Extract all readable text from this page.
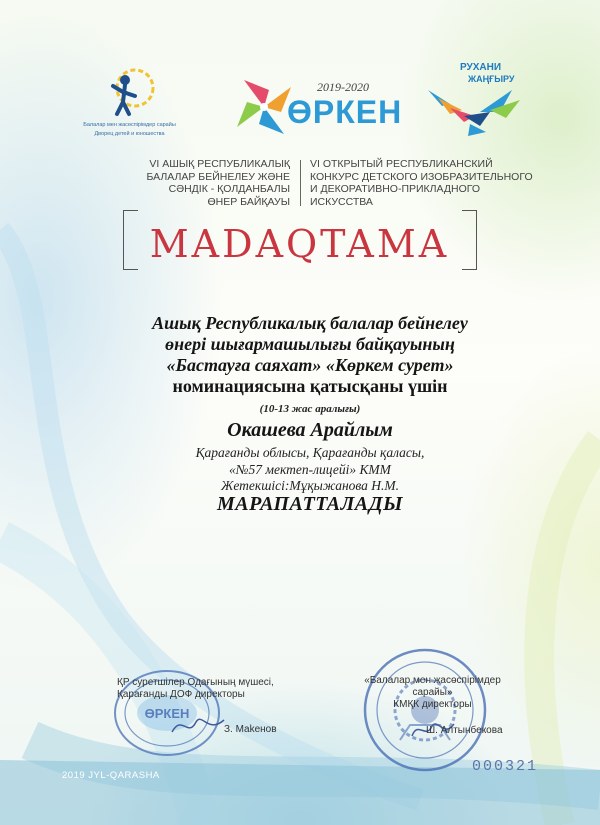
Балалар мен жасөспірімдер сарайы
Дворец детей и юношества
2019-2020
ӨРКЕН
РУХАНИ
ЖАҢҒЫРУ
VI АШЫҚ РЕСПУБЛИКАЛЫҚ
БАЛАЛАР БЕЙНЕЛЕУ ЖӘНЕ
СӘНДІК - ҚОЛДАНБАЛЫ
ӨНЕР БАЙҚАУЫ
VI ОТКРЫТЫЙ РЕСПУБЛИКАНСКИЙ
КОНКУРС ДЕТСКОГО ИЗОБРАЗИТЕЛЬНОГО
И ДЕКОРАТИВНО-ПРИКЛАДНОГО
ИСКУССТВА
MADAQTAMA
Ашық Республикалық балалар бейнелеу
өнері шығармашылығы байқауының
«Бастауға саяхат» «Көркем сурет»
номинациясына қатысқаны үшін
(10-13 жас аралығы)
Окашева Арайлым
Қарағанды облысы, Қарағанды қаласы,
«№57 мектеп-лицейі» КММ
Жетекшісі:Мұқыжанова Н.М.
МАРАПАТТАЛАДЫ
ӨРКЕН
ҚР суретшілер Одағының мүшесі,
Қарағанды ДОФ директоры
З. Маkенов
«Балалар мен жасөспірімдер сарайы»
КМҚК директоры
Ш. Алтынбекова
2019 JYL-QARASHA
000321
